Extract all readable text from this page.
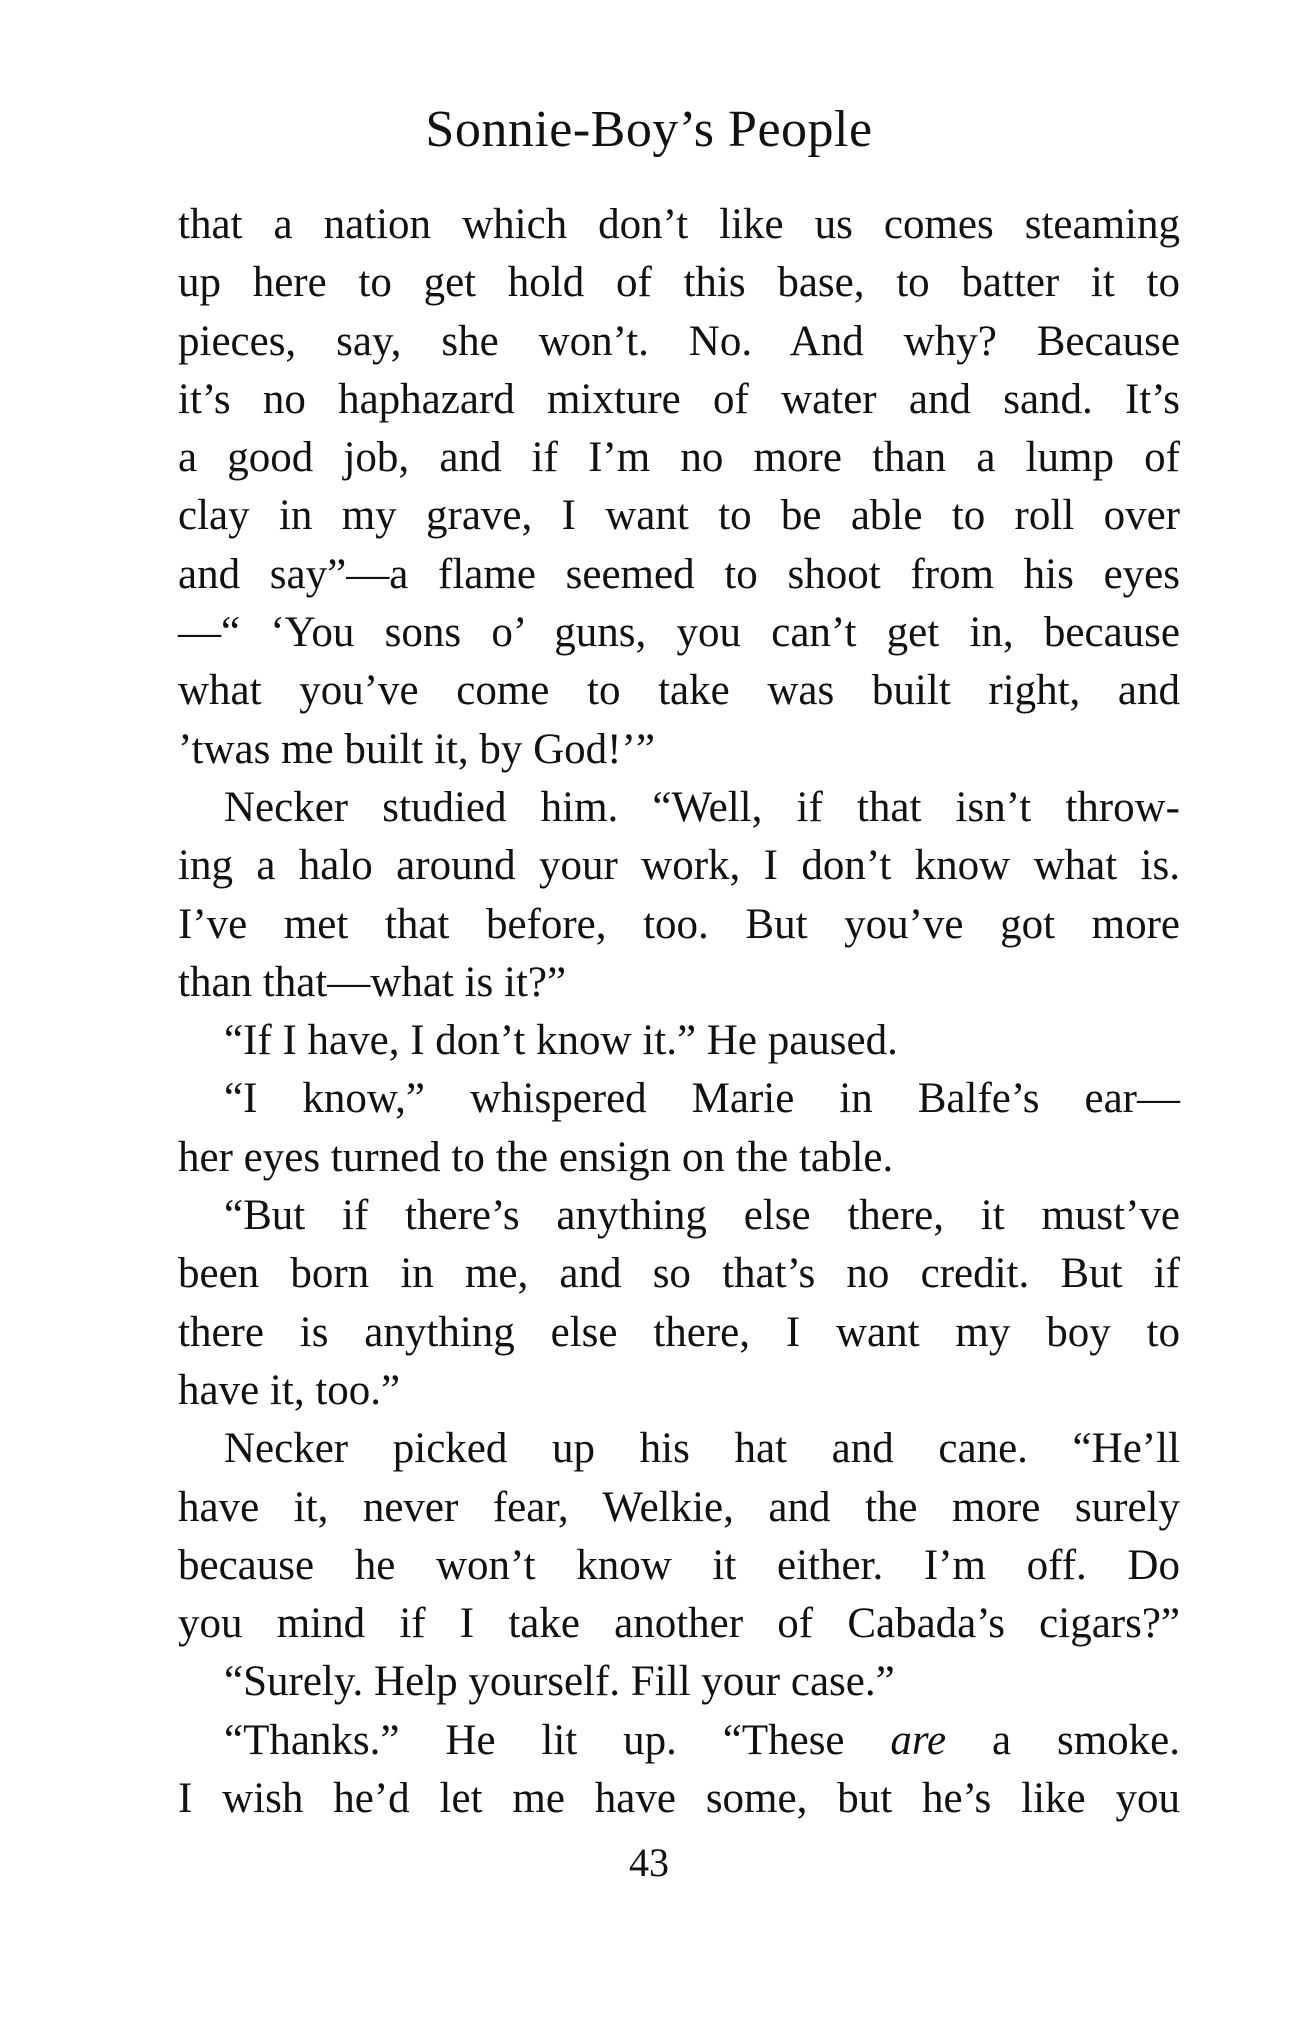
Sonnie-Boy’s People
that a nation which don’t like us comes steaming
up here to get hold of this base, to batter it to
pieces, say, she won’t. No. And why? Because
it’s no haphazard mixture of water and sand. It’s
a good job, and if I’m no more than a lump of
clay in my grave, I want to be able to roll over
and say”—a flame seemed to shoot from his eyes
—“ ‘You sons o’ guns, you can’t get in, because
what you’ve come to take was built right, and
’twas me built it, by God!’”
Necker studied him. “Well, if that isn’t throw-
ing a halo around your work, I don’t know what is.
I’ve met that before, too. But you’ve got more
than that—what is it?”
“If I have, I don’t know it.” He paused.
“I know,” whispered Marie in Balfe’s ear—
her eyes turned to the ensign on the table.
“But if there’s anything else there, it must’ve
been born in me, and so that’s no credit. But if
there is anything else there, I want my boy to
have it, too.”
Necker picked up his hat and cane. “He’ll
have it, never fear, Welkie, and the more surely
because he won’t know it either. I’m off. Do
you mind if I take another of Cabada’s cigars?”
“Surely. Help yourself. Fill your case.”
“Thanks.” He lit up. “These are a smoke.
I wish he’d let me have some, but he’s like you
43
